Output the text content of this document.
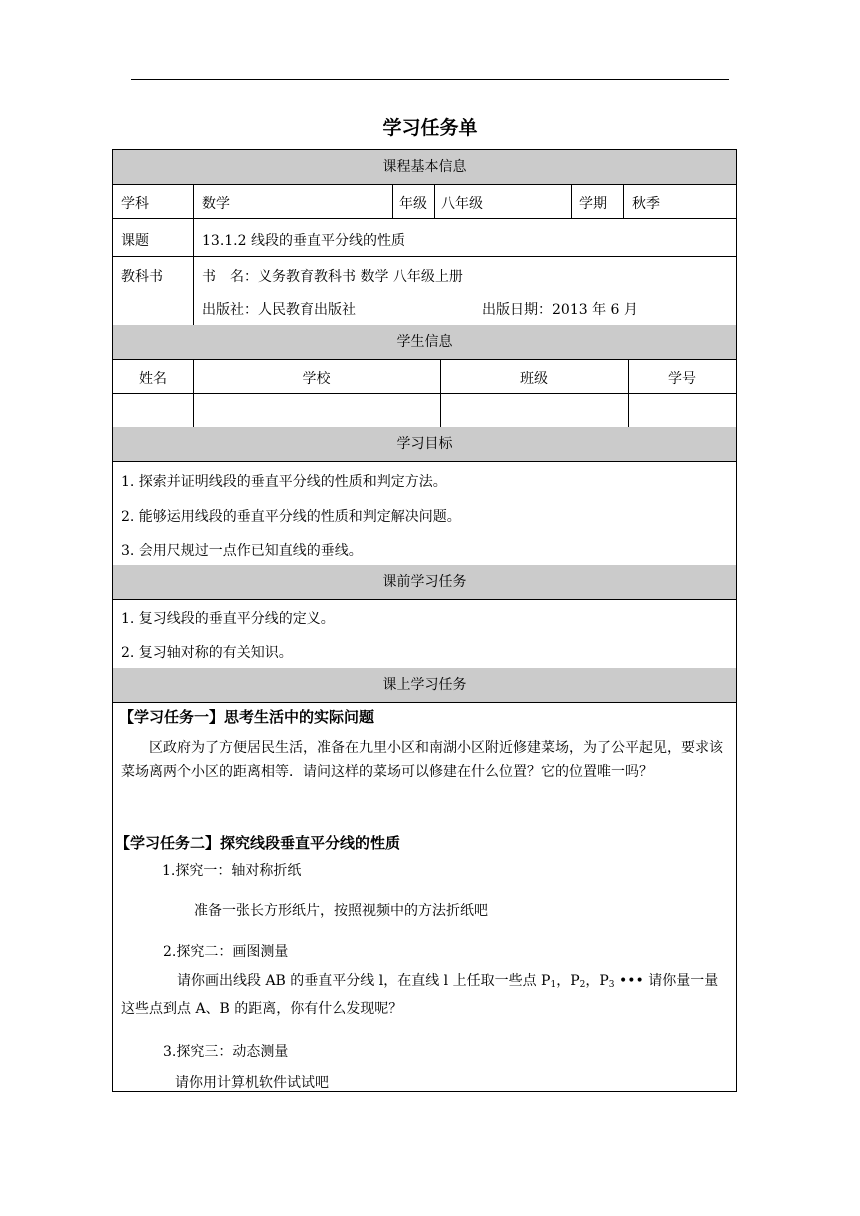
学习任务单
课程基本信息
学科	数学	年级 八年级	学期 秋季
课题	13.1.2 线段的垂直平分线的性质
教科书	书　名：义务教育教科书 数学 八年级上册
出版社：人民教育出版社	出版日期：2013 年 6 月
学生信息
姓名	学校	班级	学号
学习目标
1. 探索并证明线段的垂直平分线的性质和判定方法。
2. 能够运用线段的垂直平分线的性质和判定解决问题。
3. 会用尺规过一点作已知直线的垂线。
课前学习任务
1. 复习线段的垂直平分线的定义。
2. 复习轴对称的有关知识。
课上学习任务
【学习任务一】思考生活中的实际问题
区政府为了方便居民生活，准备在九里小区和南湖小区附近修建菜场，为了公平起见，要求该菜场离两个小区的距离相等．请问这样的菜场可以修建在什么位置？它的位置唯一吗？
【学习任务二】探究线段垂直平分线的性质
1.探究一：轴对称折纸
准备一张长方形纸片，按照视频中的方法折纸吧
2.探究二：画图测量
请你画出线段 AB 的垂直平分线 l，在直线 l 上任取一些点 $P_1$，$P_2$，$P_3$ ••• 请你量一量这些点到点 A、B 的距离，你有什么发现呢？
3.探究三：动态测量
请你用计算机软件试试吧
